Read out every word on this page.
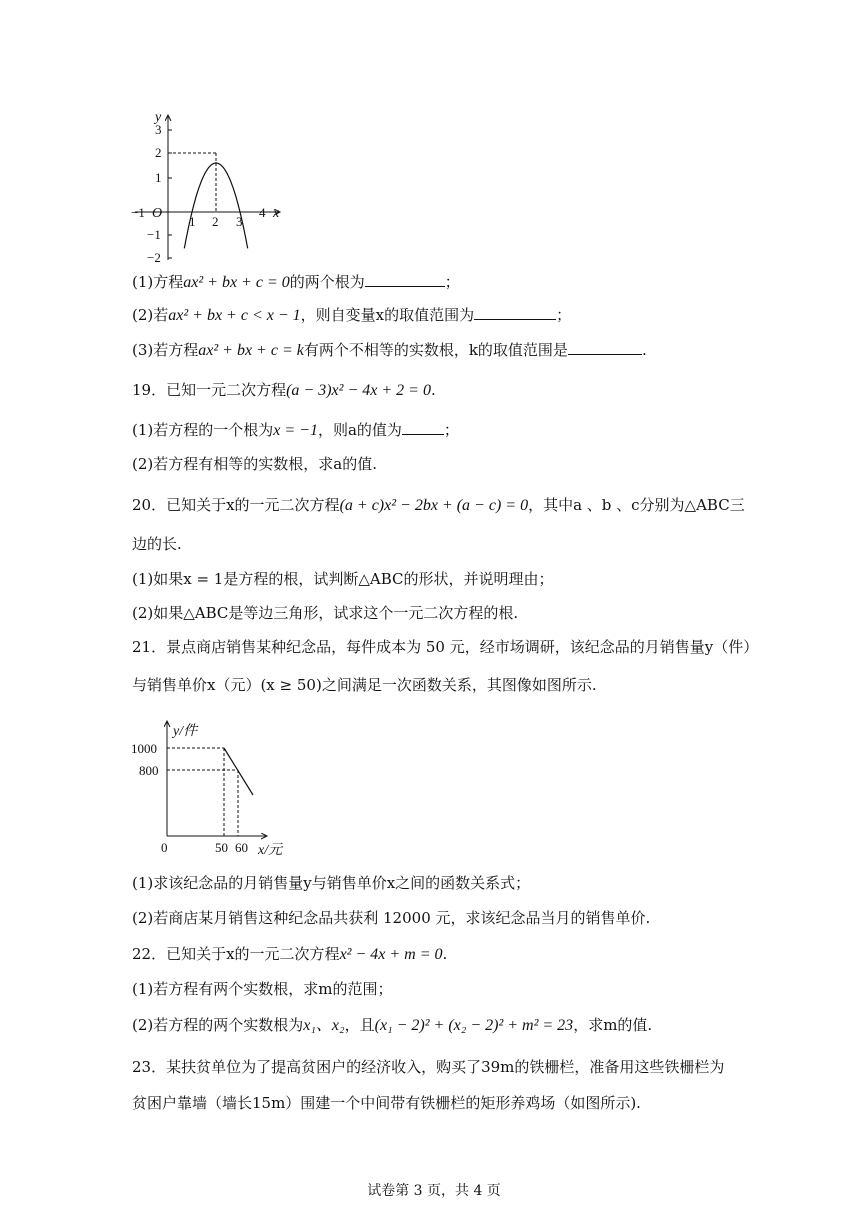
y
x
O
3
2
1
−1
−2
−1
1 2 3
4
(1)方程ax² + bx + c = 0的两个根为	；
(2)若ax² + bx + c < x − 1，则自变量x的取值范围为	；
(3)若方程ax² + bx + c = k有两个不相等的实数根，k的取值范围是	.
19．已知一元二次方程(a − 3)x² − 4x + 2 = 0.
(1)若方程的一个根为x = −1，则a的值为	；
(2)若方程有相等的实数根，求a的值.
20．已知关于x的一元二次方程(a + c)x² − 2bx + (a − c) = 0，其中a 、b 、c分别为△ABC三
边的长.
(1)如果x = 1是方程的根，试判断△ABC的形状，并说明理由；
(2)如果△ABC是等边三角形，试求这个一元二次方程的根.
21．景点商店销售某种纪念品，每件成本为 50 元，经市场调研，该纪念品的月销售量y（件）
与销售单价x（元）(x ≥ 50)之间满足一次函数关系，其图像如图所示.
y/件
x/元
1000
800
0	50 60
(1)求该纪念品的月销售量y与销售单价x之间的函数关系式；
(2)若商店某月销售这种纪念品共获利 12000 元，求该纪念品当月的销售单价.
22．已知关于x的一元二次方程x² − 4x + m = 0.
(1)若方程有两个实数根，求m的范围；
(2)若方程的两个实数根为x₁、x₂，且(x₁ − 2)² + (x₂ − 2)² + m² = 23，求m的值.
23．某扶贫单位为了提高贫困户的经济收入，购买了39m的铁栅栏，准备用这些铁栅栏为
贫困户靠墙（墙长15m）围建一个中间带有铁栅栏的矩形养鸡场（如图所示).
试卷第 3 页，共 4 页
